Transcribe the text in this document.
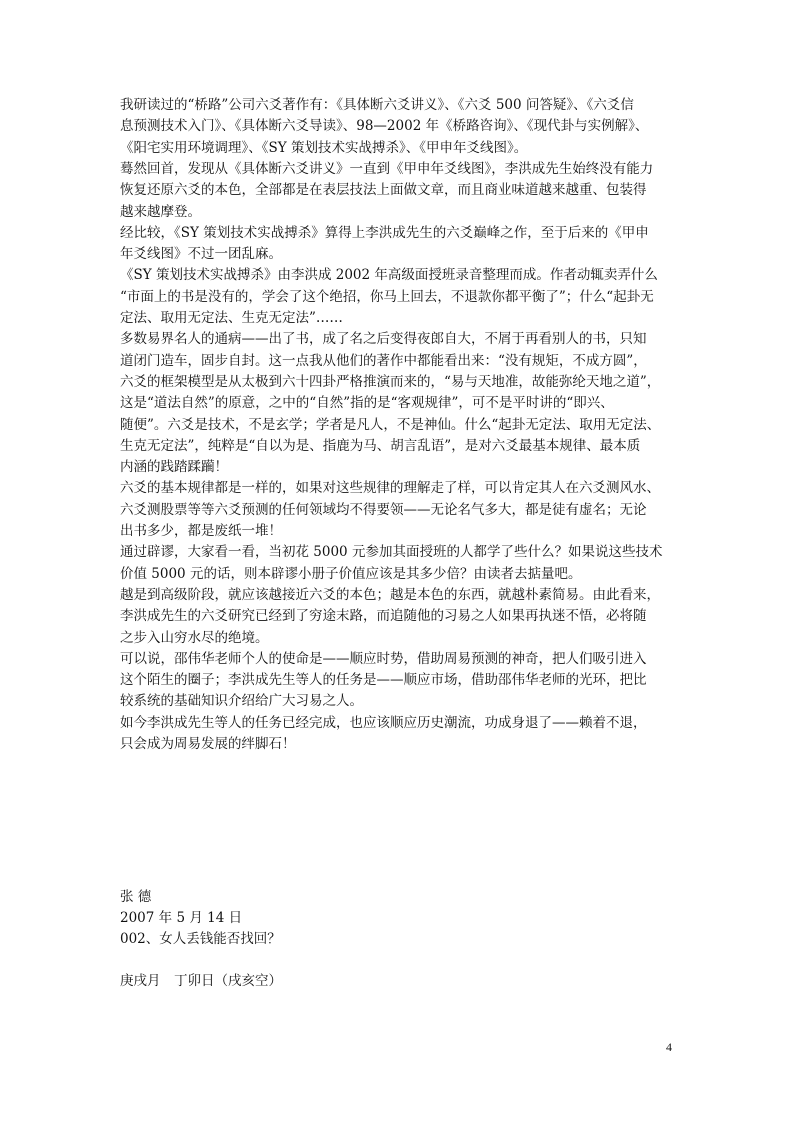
我研读过的“桥路”公司六爻著作有：《具体断六爻讲义》、《六爻 500 问答疑》、《六爻信
息预测技术入门》、《具体断六爻导读》、98—2002 年《桥路咨询》、《现代卦与实例解》、
《阳宅实用环境调理》、《SY 策划技术实战搏杀》、《甲申年爻线图》。
蓦然回首，发现从《具体断六爻讲义》一直到《甲申年爻线图》，李洪成先生始终没有能力
恢复还原六爻的本色，全部都是在表层技法上面做文章，而且商业味道越来越重、包装得
越来越摩登。
经比较，《SY 策划技术实战搏杀》算得上李洪成先生的六爻巅峰之作，至于后来的《甲申
年爻线图》不过一团乱麻。
《SY 策划技术实战搏杀》由李洪成 2002 年高级面授班录音整理而成。作者动辄卖弄什么
“市面上的书是没有的，学会了这个绝招，你马上回去，不退款你都平衡了”；什么“起卦无
定法、取用无定法、生克无定法”……
多数易界名人的通病——出了书，成了名之后变得夜郎自大，不屑于再看别人的书，只知
道闭门造车，固步自封。这一点我从他们的著作中都能看出来：“没有规矩，不成方圆”，
六爻的框架模型是从太极到六十四卦严格推演而来的，“易与天地准，故能弥纶天地之道”，
这是“道法自然”的原意，之中的“自然”指的是“客观规律”，可不是平时讲的“即兴、
随便”。六爻是技术，不是玄学；学者是凡人，不是神仙。什么“起卦无定法、取用无定法、
生克无定法”，纯粹是“自以为是、指鹿为马、胡言乱语”，是对六爻最基本规律、最本质
内涵的践踏蹂躏！
六爻的基本规律都是一样的，如果对这些规律的理解走了样，可以肯定其人在六爻测风水、
六爻测股票等等六爻预测的任何领域均不得要领——无论名气多大，都是徒有虚名；无论
出书多少，都是废纸一堆！
通过辟谬，大家看一看，当初花 5000 元参加其面授班的人都学了些什么？如果说这些技术
价值 5000 元的话，则本辟谬小册子价值应该是其多少倍？由读者去掂量吧。
越是到高级阶段，就应该越接近六爻的本色；越是本色的东西，就越朴素简易。由此看来，
李洪成先生的六爻研究已经到了穷途末路，而追随他的习易之人如果再执迷不悟，必将随
之步入山穷水尽的绝境。
可以说，邵伟华老师个人的使命是——顺应时势，借助周易预测的神奇，把人们吸引进入
这个陌生的圈子；李洪成先生等人的任务是——顺应市场，借助邵伟华老师的光环，把比
较系统的基础知识介绍给广大习易之人。
如今李洪成先生等人的任务已经完成，也应该顺应历史潮流，功成身退了——赖着不退，
只会成为周易发展的绊脚石！
张 德
2007 年 5 月 14 日
002、女人丢钱能否找回？
庚戌月　丁卯日（戌亥空）
4
